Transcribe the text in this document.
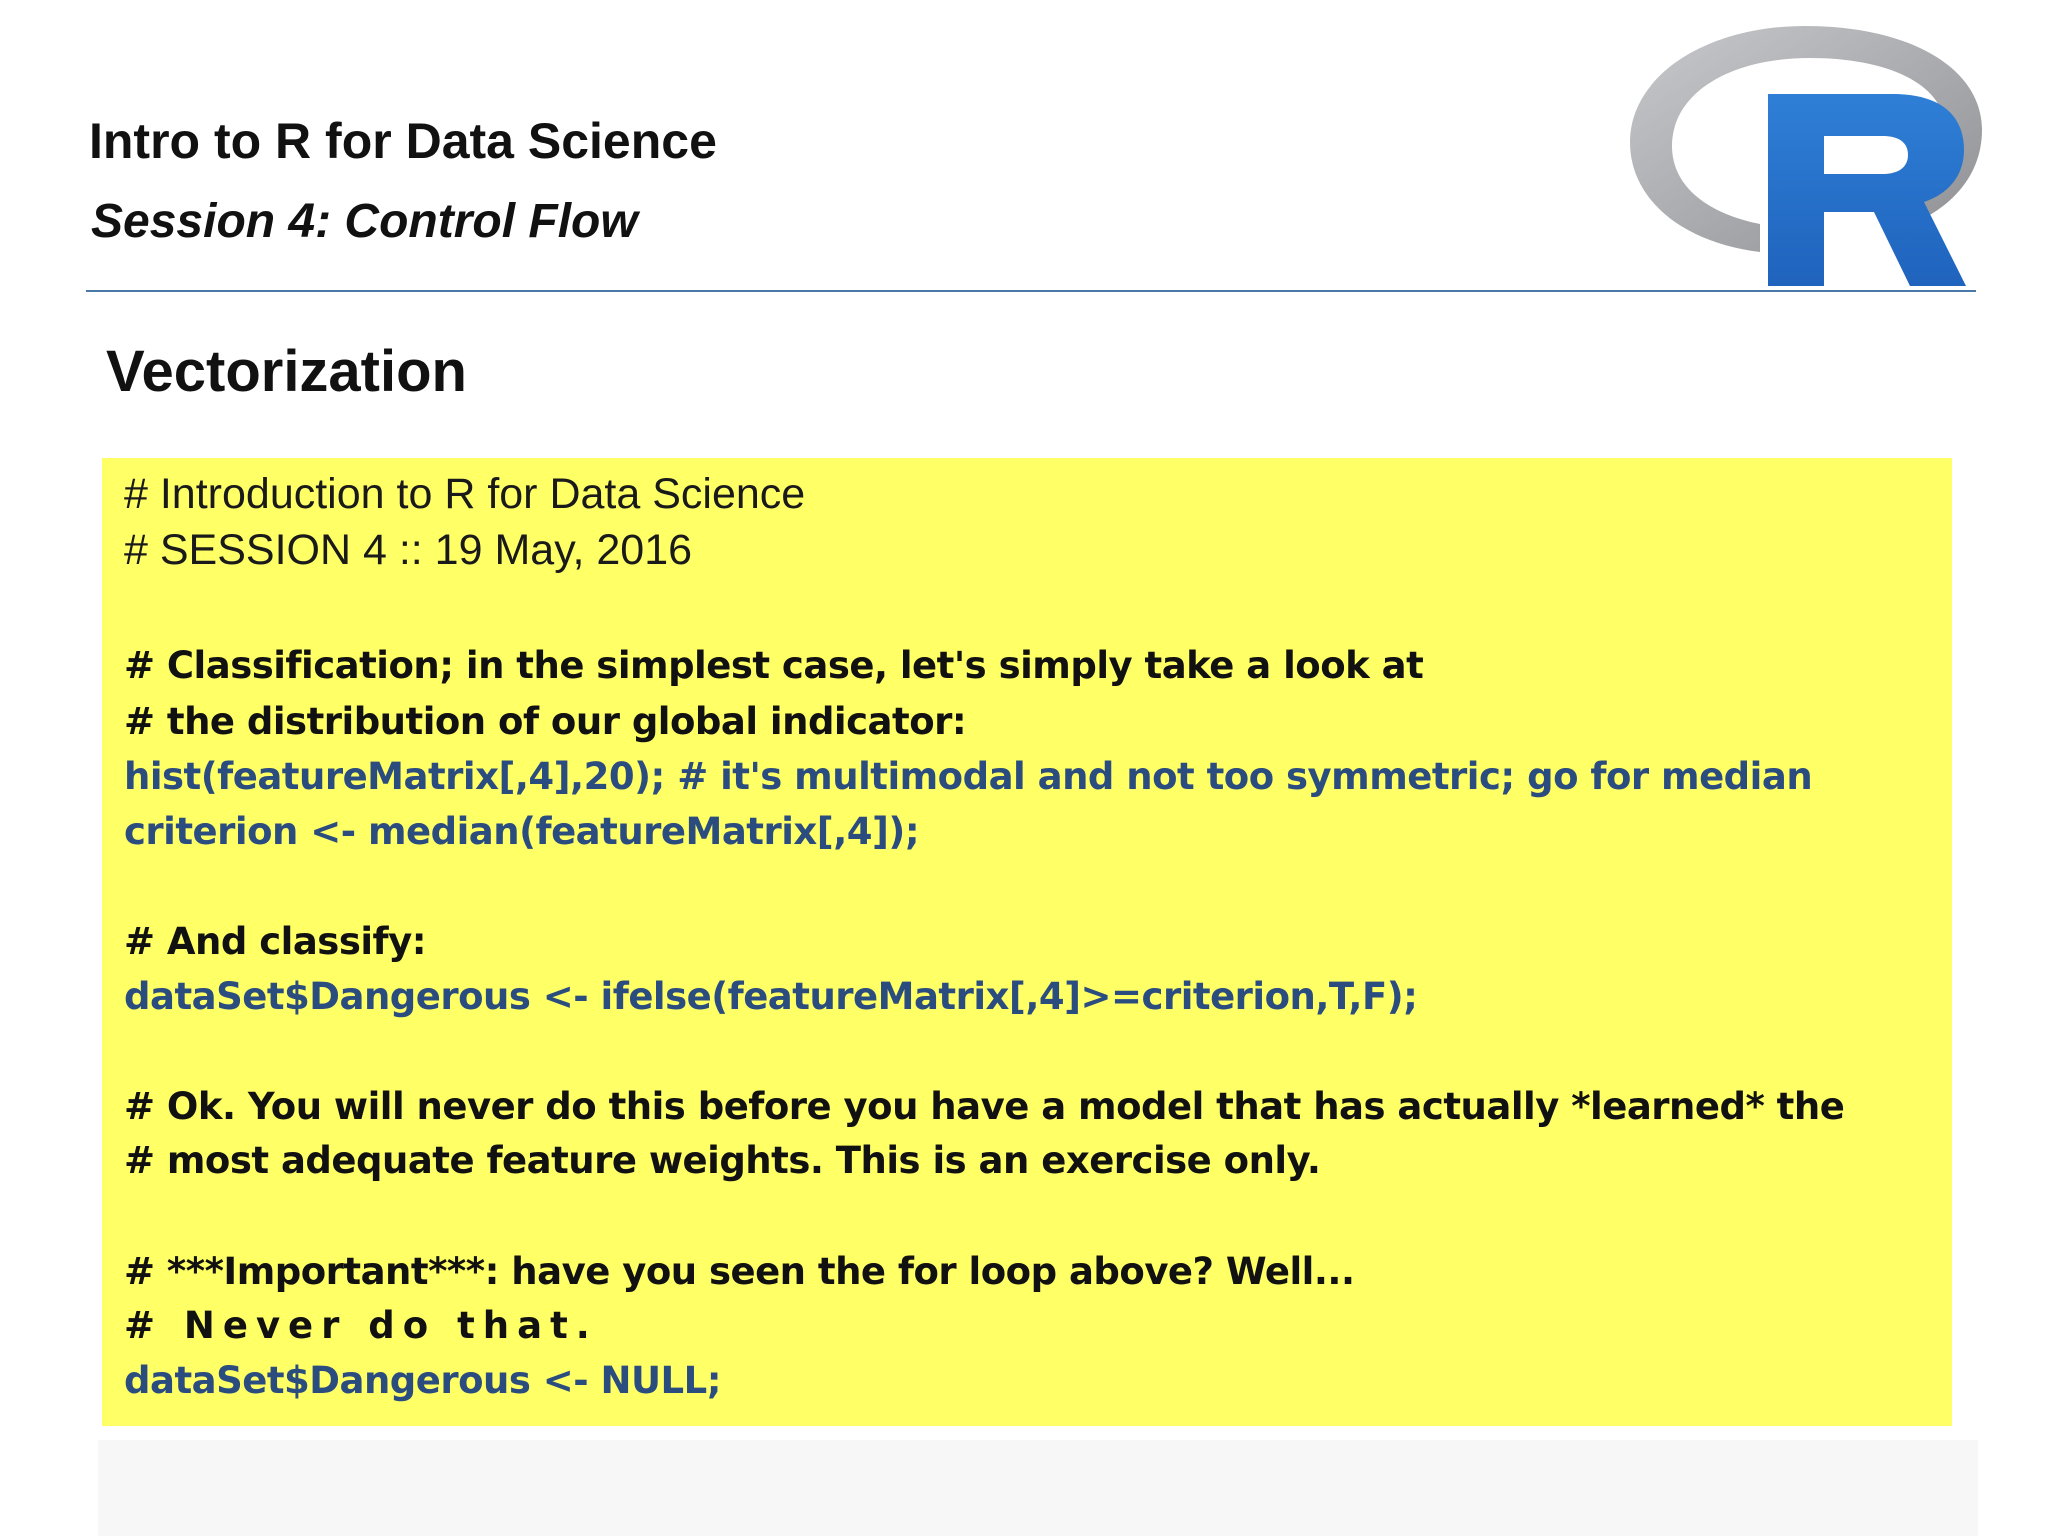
Intro to R for Data Science
Session 4: Control Flow
Vectorization
# Introduction to R for Data Science
# SESSION 4 :: 19 May, 2016
# Classification; in the simplest case, let's simply take a look at
# the distribution of our global indicator:
hist(featureMatrix[,4],20); # it's multimodal and not too symmetric; go for median
criterion <- median(featureMatrix[,4]);
# And classify:
dataSet$Dangerous <- ifelse(featureMatrix[,4]>=criterion,T,F);
# Ok. You will never do this before you have a model that has actually *learned* the
# most adequate feature weights. This is an exercise only.
# ***Important***: have you seen the for loop above? Well...
# Never do that.
dataSet$Dangerous <- NULL;
